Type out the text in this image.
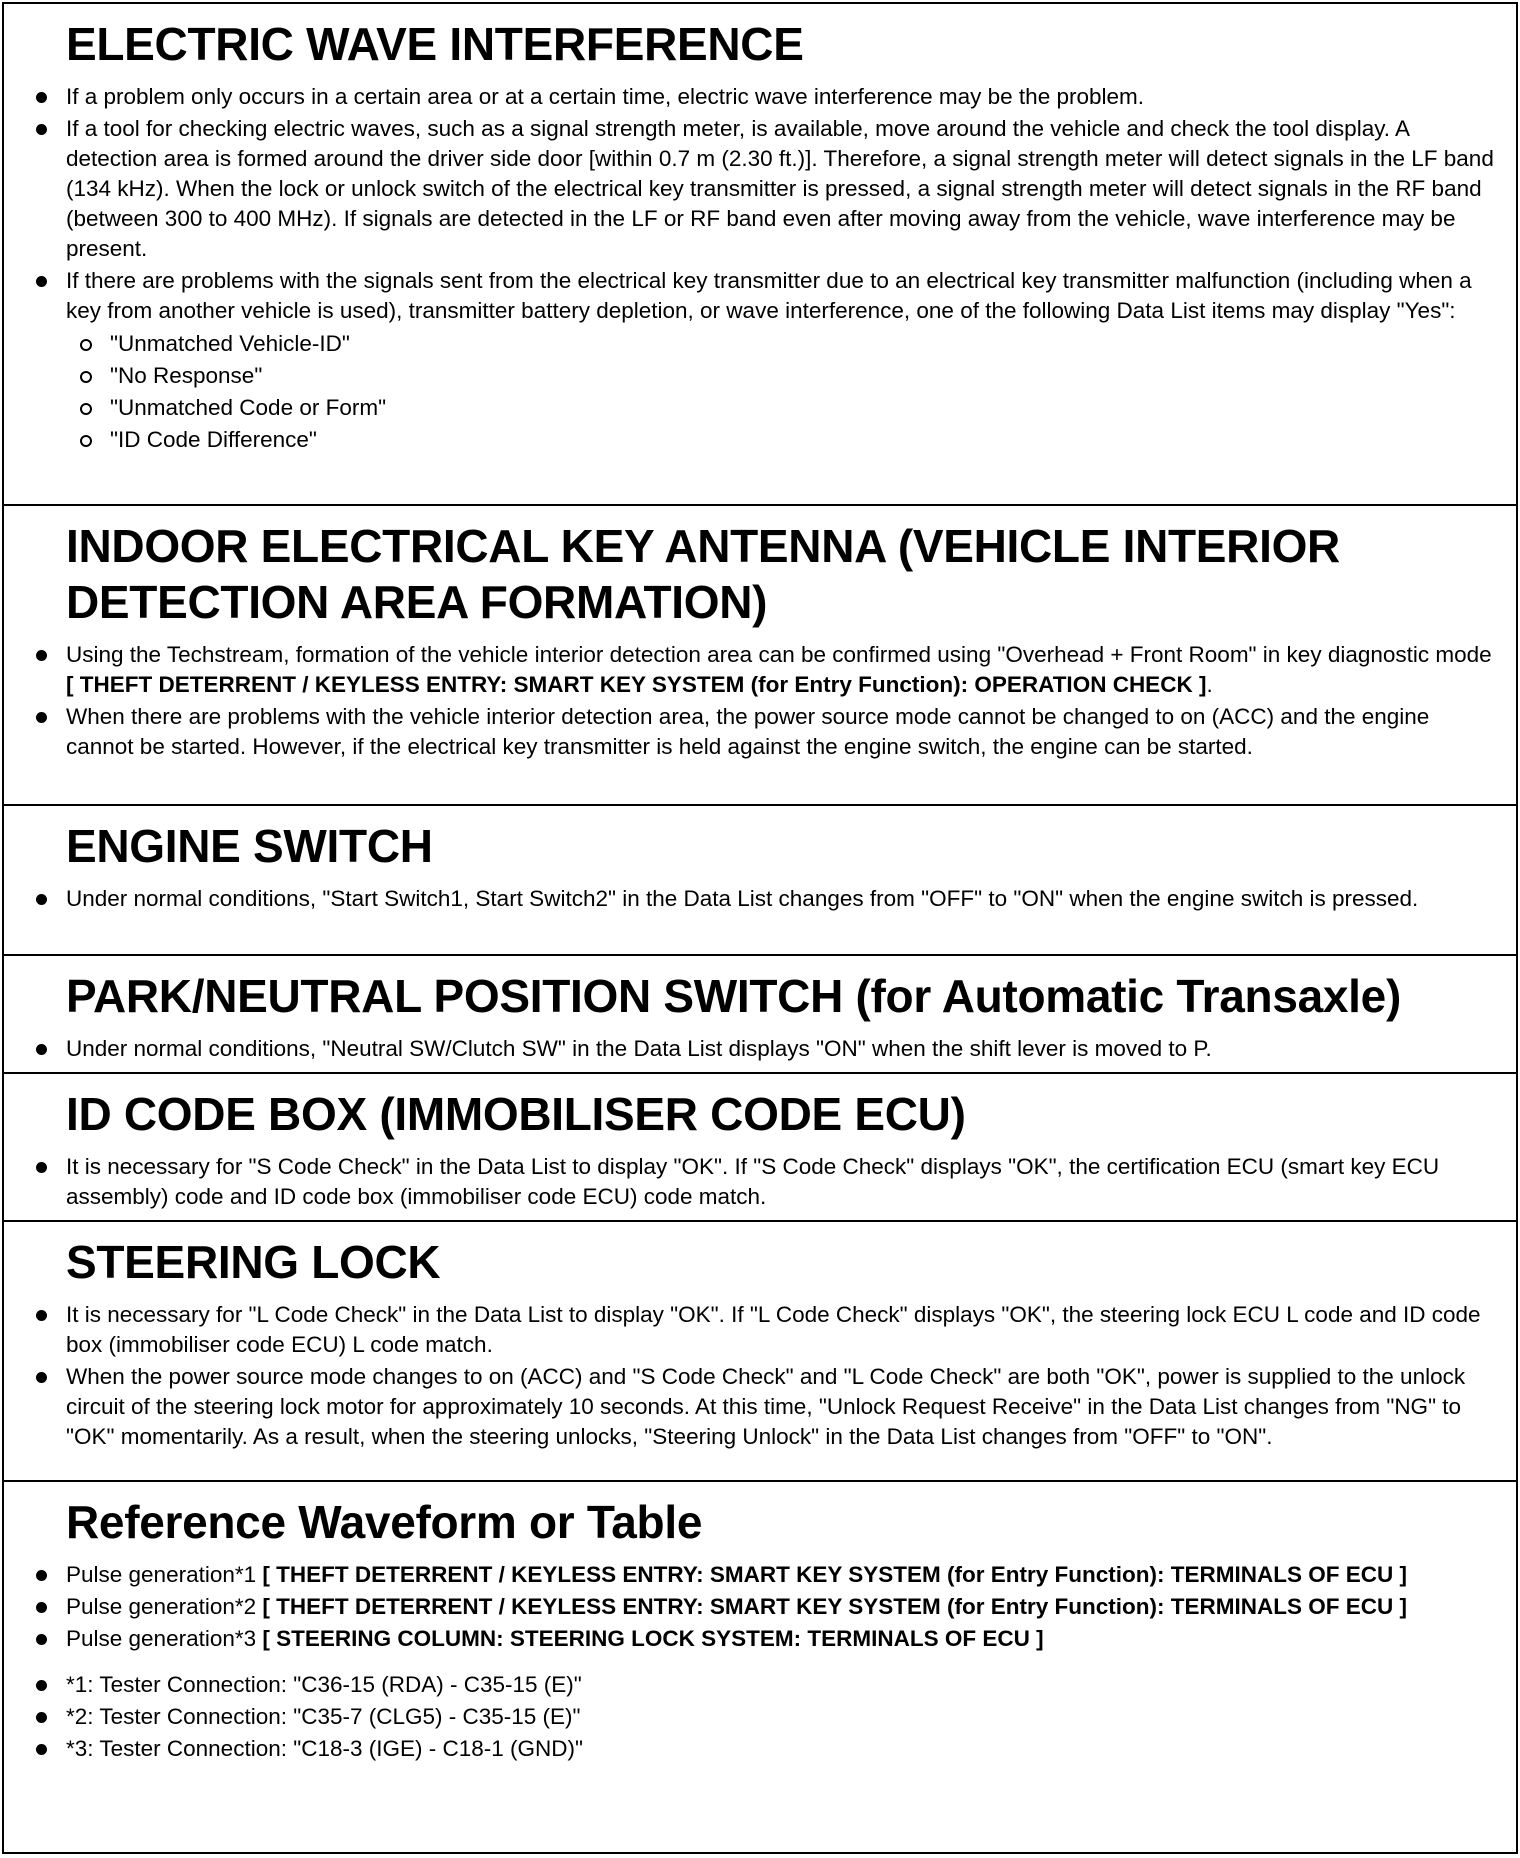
ELECTRIC WAVE INTERFERENCE
If a problem only occurs in a certain area or at a certain time, electric wave interference may be the problem.
If a tool for checking electric waves, such as a signal strength meter, is available, move around the vehicle and check the tool display. A detection area is formed around the driver side door [within 0.7 m (2.30 ft.)]. Therefore, a signal strength meter will detect signals in the LF band (134 kHz). When the lock or unlock switch of the electrical key transmitter is pressed, a signal strength meter will detect signals in the RF band (between 300 to 400 MHz). If signals are detected in the LF or RF band even after moving away from the vehicle, wave interference may be present.
If there are problems with the signals sent from the electrical key transmitter due to an electrical key transmitter malfunction (including when a key from another vehicle is used), transmitter battery depletion, or wave interference, one of the following Data List items may display "Yes":
"Unmatched Vehicle-ID"
"No Response"
"Unmatched Code or Form"
"ID Code Difference"
INDOOR ELECTRICAL KEY ANTENNA (VEHICLE INTERIOR
DETECTION AREA FORMATION)
Using the Techstream, formation of the vehicle interior detection area can be confirmed using "Overhead + Front Room" in key diagnostic mode [ THEFT DETERRENT / KEYLESS ENTRY: SMART KEY SYSTEM (for Entry Function): OPERATION CHECK ].
When there are problems with the vehicle interior detection area, the power source mode cannot be changed to on (ACC) and the engine cannot be started. However, if the electrical key transmitter is held against the engine switch, the engine can be started.
ENGINE SWITCH
Under normal conditions, "Start Switch1, Start Switch2" in the Data List changes from "OFF" to "ON" when the engine switch is pressed.
PARK/NEUTRAL POSITION SWITCH (for Automatic Transaxle)
Under normal conditions, "Neutral SW/Clutch SW" in the Data List displays "ON" when the shift lever is moved to P.
ID CODE BOX (IMMOBILISER CODE ECU)
It is necessary for "S Code Check" in the Data List to display "OK". If "S Code Check" displays "OK", the certification ECU (smart key ECU assembly) code and ID code box (immobiliser code ECU) code match.
STEERING LOCK
It is necessary for "L Code Check" in the Data List to display "OK". If "L Code Check" displays "OK", the steering lock ECU L code and ID code box (immobiliser code ECU) L code match.
When the power source mode changes to on (ACC) and "S Code Check" and "L Code Check" are both "OK", power is supplied to the unlock circuit of the steering lock motor for approximately 10 seconds. At this time, "Unlock Request Receive" in the Data List changes from "NG" to "OK" momentarily. As a result, when the steering unlocks, "Steering Unlock" in the Data List changes from "OFF" to "ON".
Reference Waveform or Table
Pulse generation*1 [ THEFT DETERRENT / KEYLESS ENTRY: SMART KEY SYSTEM (for Entry Function): TERMINALS OF ECU ]
Pulse generation*2 [ THEFT DETERRENT / KEYLESS ENTRY: SMART KEY SYSTEM (for Entry Function): TERMINALS OF ECU ]
Pulse generation*3 [ STEERING COLUMN: STEERING LOCK SYSTEM: TERMINALS OF ECU ]
*1: Tester Connection: "C36-15 (RDA) - C35-15 (E)"
*2: Tester Connection: "C35-7 (CLG5) - C35-15 (E)"
*3: Tester Connection: "C18-3 (IGE) - C18-1 (GND)"
